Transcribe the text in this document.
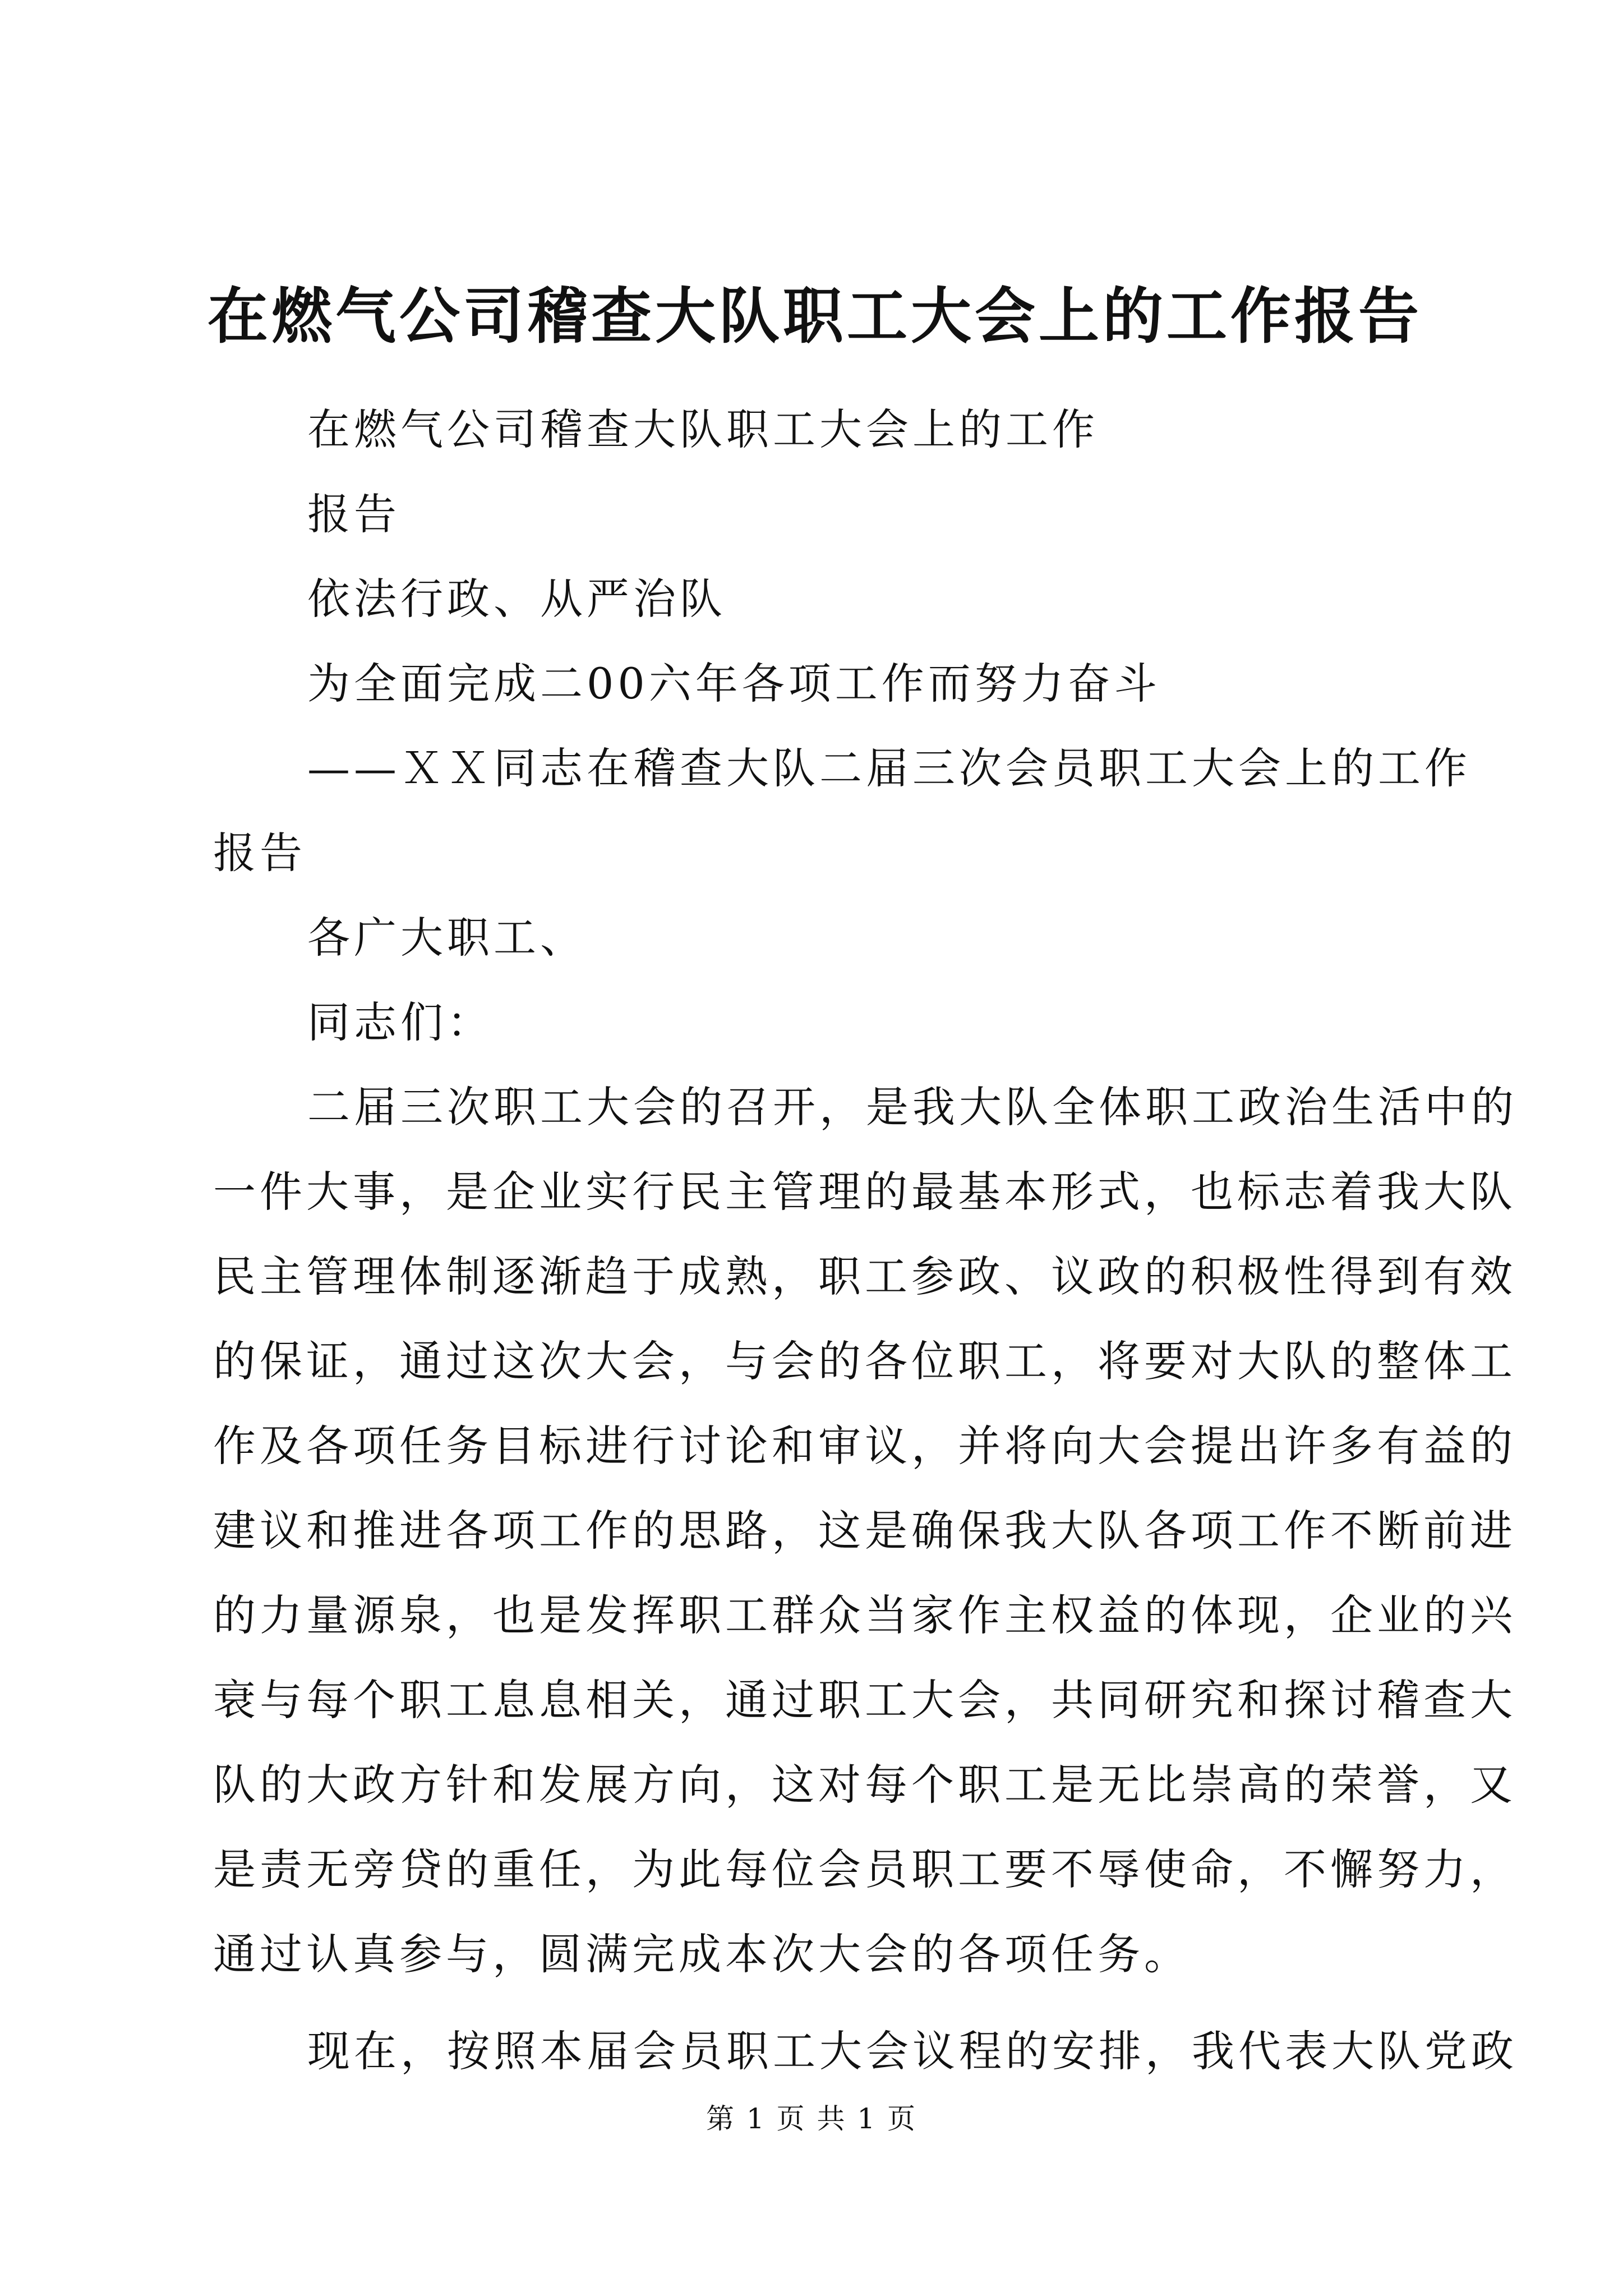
在燃气公司稽查大队职工大会上的工作报告
在燃气公司稽查大队职工大会上的工作
报告
依法行政、从严治队
为全面完成二00六年各项工作而努力奋斗
——ＸＸ同志在稽查大队二届三次会员职工大会上的工作
报告
各广大职工、
同志们：
二届三次职工大会的召开，是我大队全体职工政治生活中的
一件大事，是企业实行民主管理的最基本形式，也标志着我大队
民主管理体制逐渐趋于成熟，职工参政、议政的积极性得到有效
的保证，通过这次大会，与会的各位职工，将要对大队的整体工
作及各项任务目标进行讨论和审议，并将向大会提出许多有益的
建议和推进各项工作的思路，这是确保我大队各项工作不断前进
的力量源泉，也是发挥职工群众当家作主权益的体现，企业的兴
衰与每个职工息息相关，通过职工大会，共同研究和探讨稽查大
队的大政方针和发展方向，这对每个职工是无比崇高的荣誉，又
是责无旁贷的重任，为此每位会员职工要不辱使命，不懈努力，
通过认真参与，圆满完成本次大会的各项任务。
现在，按照本届会员职工大会议程的安排，我代表大队党政
第 1 页 共 1 页
